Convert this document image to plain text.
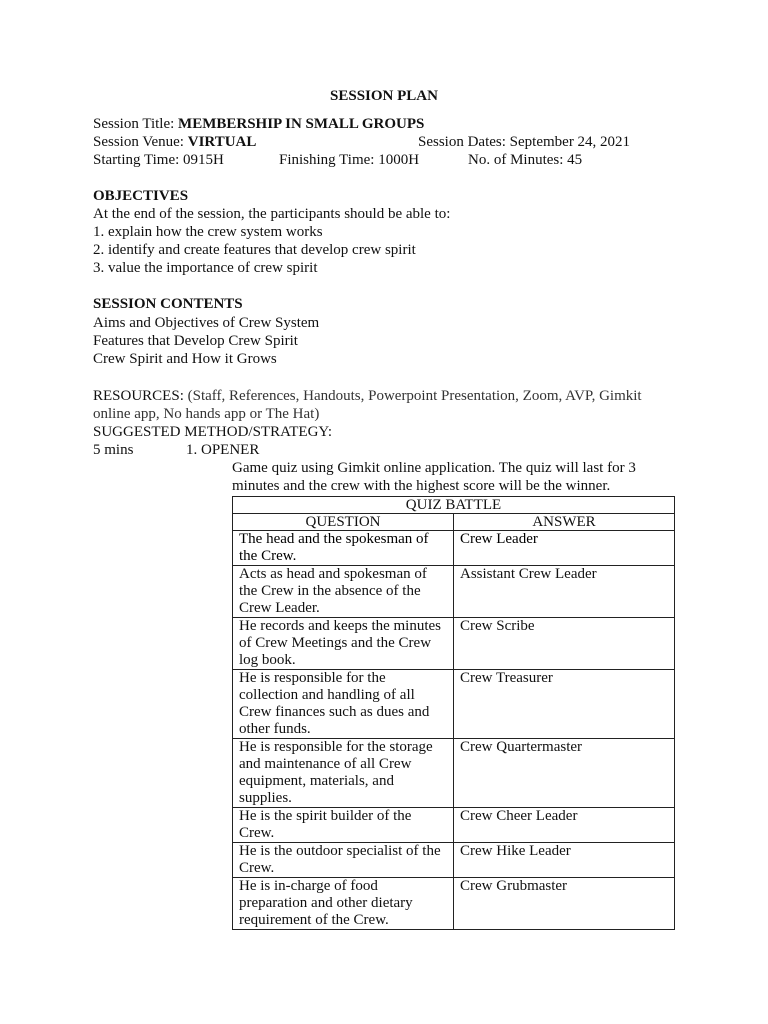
SESSION PLAN
Session Title: MEMBERSHIP IN SMALL GROUPS
Session Venue: VIRTUAL	Session Dates: September 24, 2021
Starting Time: 0915H	Finishing Time: 1000H	No. of Minutes: 45
OBJECTIVES
At the end of the session, the participants should be able to:
1. explain how the crew system works
2. identify and create features that develop crew spirit
3. value the importance of crew spirit
SESSION CONTENTS
Aims and Objectives of Crew System
Features that Develop Crew Spirit
Crew Spirit and How it Grows
RESOURCES: (Staff, References, Handouts, Powerpoint Presentation, Zoom, AVP, Gimkit
online app, No hands app or The Hat)
SUGGESTED METHOD/STRATEGY:
5 mins	1. OPENER
Game quiz using Gimkit online application. The quiz will last for 3 minutes and the crew with the highest score will be the winner.
QUIZ BATTLE	
QUESTION	ANSWER
The head and the spokesman of the Crew.	Crew Leader
Acts as head and spokesman of the Crew in the absence of the Crew Leader.	Assistant Crew Leader
He records and keeps the minutes of Crew Meetings and the Crew log book.	Crew Scribe
He is responsible for the collection and handling of all Crew finances such as dues and other funds.	Crew Treasurer
He is responsible for the storage and maintenance of all Crew equipment, materials, and supplies.	Crew Quartermaster
He is the spirit builder of the Crew.	Crew Cheer Leader
He is the outdoor specialist of the Crew.	Crew Hike Leader
He is in-charge of food preparation and other dietary requirement of the Crew.	Crew Grubmaster
